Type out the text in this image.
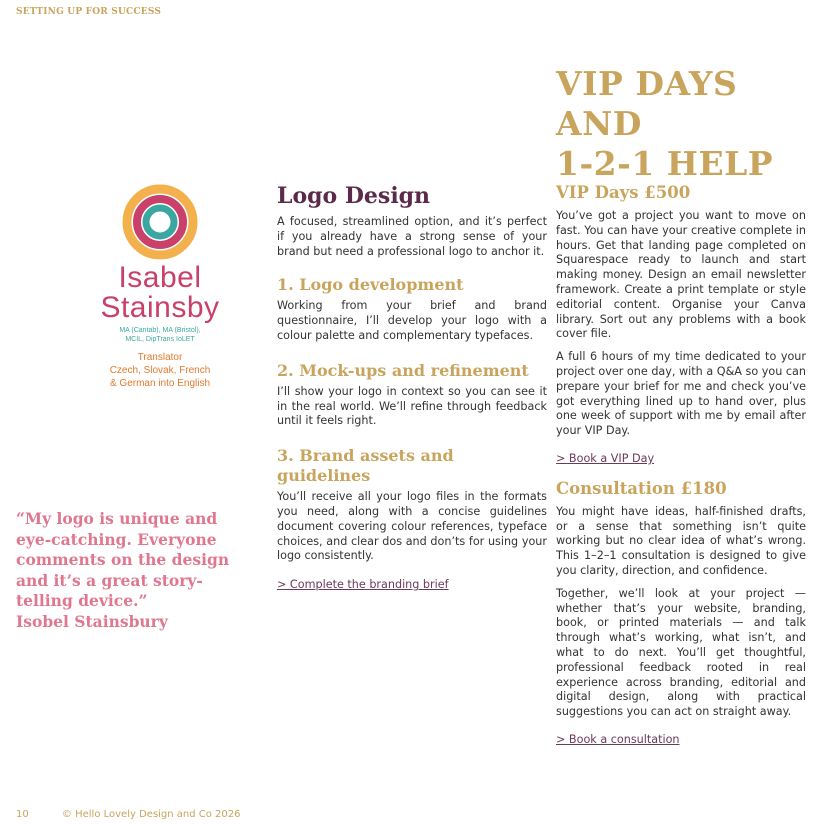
SETTING UP FOR SUCCESS
VIP DAYS AND
1-2-1 HELP
Isabel
Stainsby
MA (Cantab), MA (Bristol),
MCIL, DipTrans IoLET
Translator
Czech, Slovak, French
& German into English
“My logo is unique and eye-catching. Everyone comments on the design and it’s a great story-telling device.”
Isobel Stainsbury
Logo Design

A focused, streamlined option, and it’s perfect if you already have a strong sense of your brand but need a professional logo to anchor it.

1. Logo development

Working from your brief and brand questionnaire, I’ll develop your logo with a colour palette and complementary typefaces.

2. Mock-ups and refinement

I’ll show your logo in context so you can see it in the real world. We’ll refine through feedback until it feels right.

3. Brand assets and guidelines

You’ll receive all your logo files in the formats you need, along with a concise guidelines document covering colour references, typeface choices, and clear dos and don’ts for using your logo consistently.

> Complete the branding brief
VIP Days £500

You’ve got a project you want to move on fast. You can have your creative complete in hours. Get that landing page completed on Squarespace ready to launch and start making money. Design an email newsletter framework. Create a print template or style editorial content. Organise your Canva library. Sort out any problems with a book cover file.

A full 6 hours of my time dedicated to your project over one day, with a Q&A so you can prepare your brief for me and check you’ve got everything lined up to hand over, plus one week of support with me by email after your VIP Day.

> Book a VIP Day
Consultation £180

You might have ideas, half-finished drafts, or a sense that something isn’t quite working but no clear idea of what’s wrong. This 1–2–1 consultation is designed to give you clarity, direction, and confidence.

Together, we’ll look at your project — whether that’s your website, branding, book, or printed materials — and talk through what’s working, what isn’t, and what to do next. You’ll get thoughtful, professional feedback rooted in real experience across branding, editorial and digital design, along with practical suggestions you can act on straight away.

> Book a consultation
10	© Hello Lovely Design and Co 2026
